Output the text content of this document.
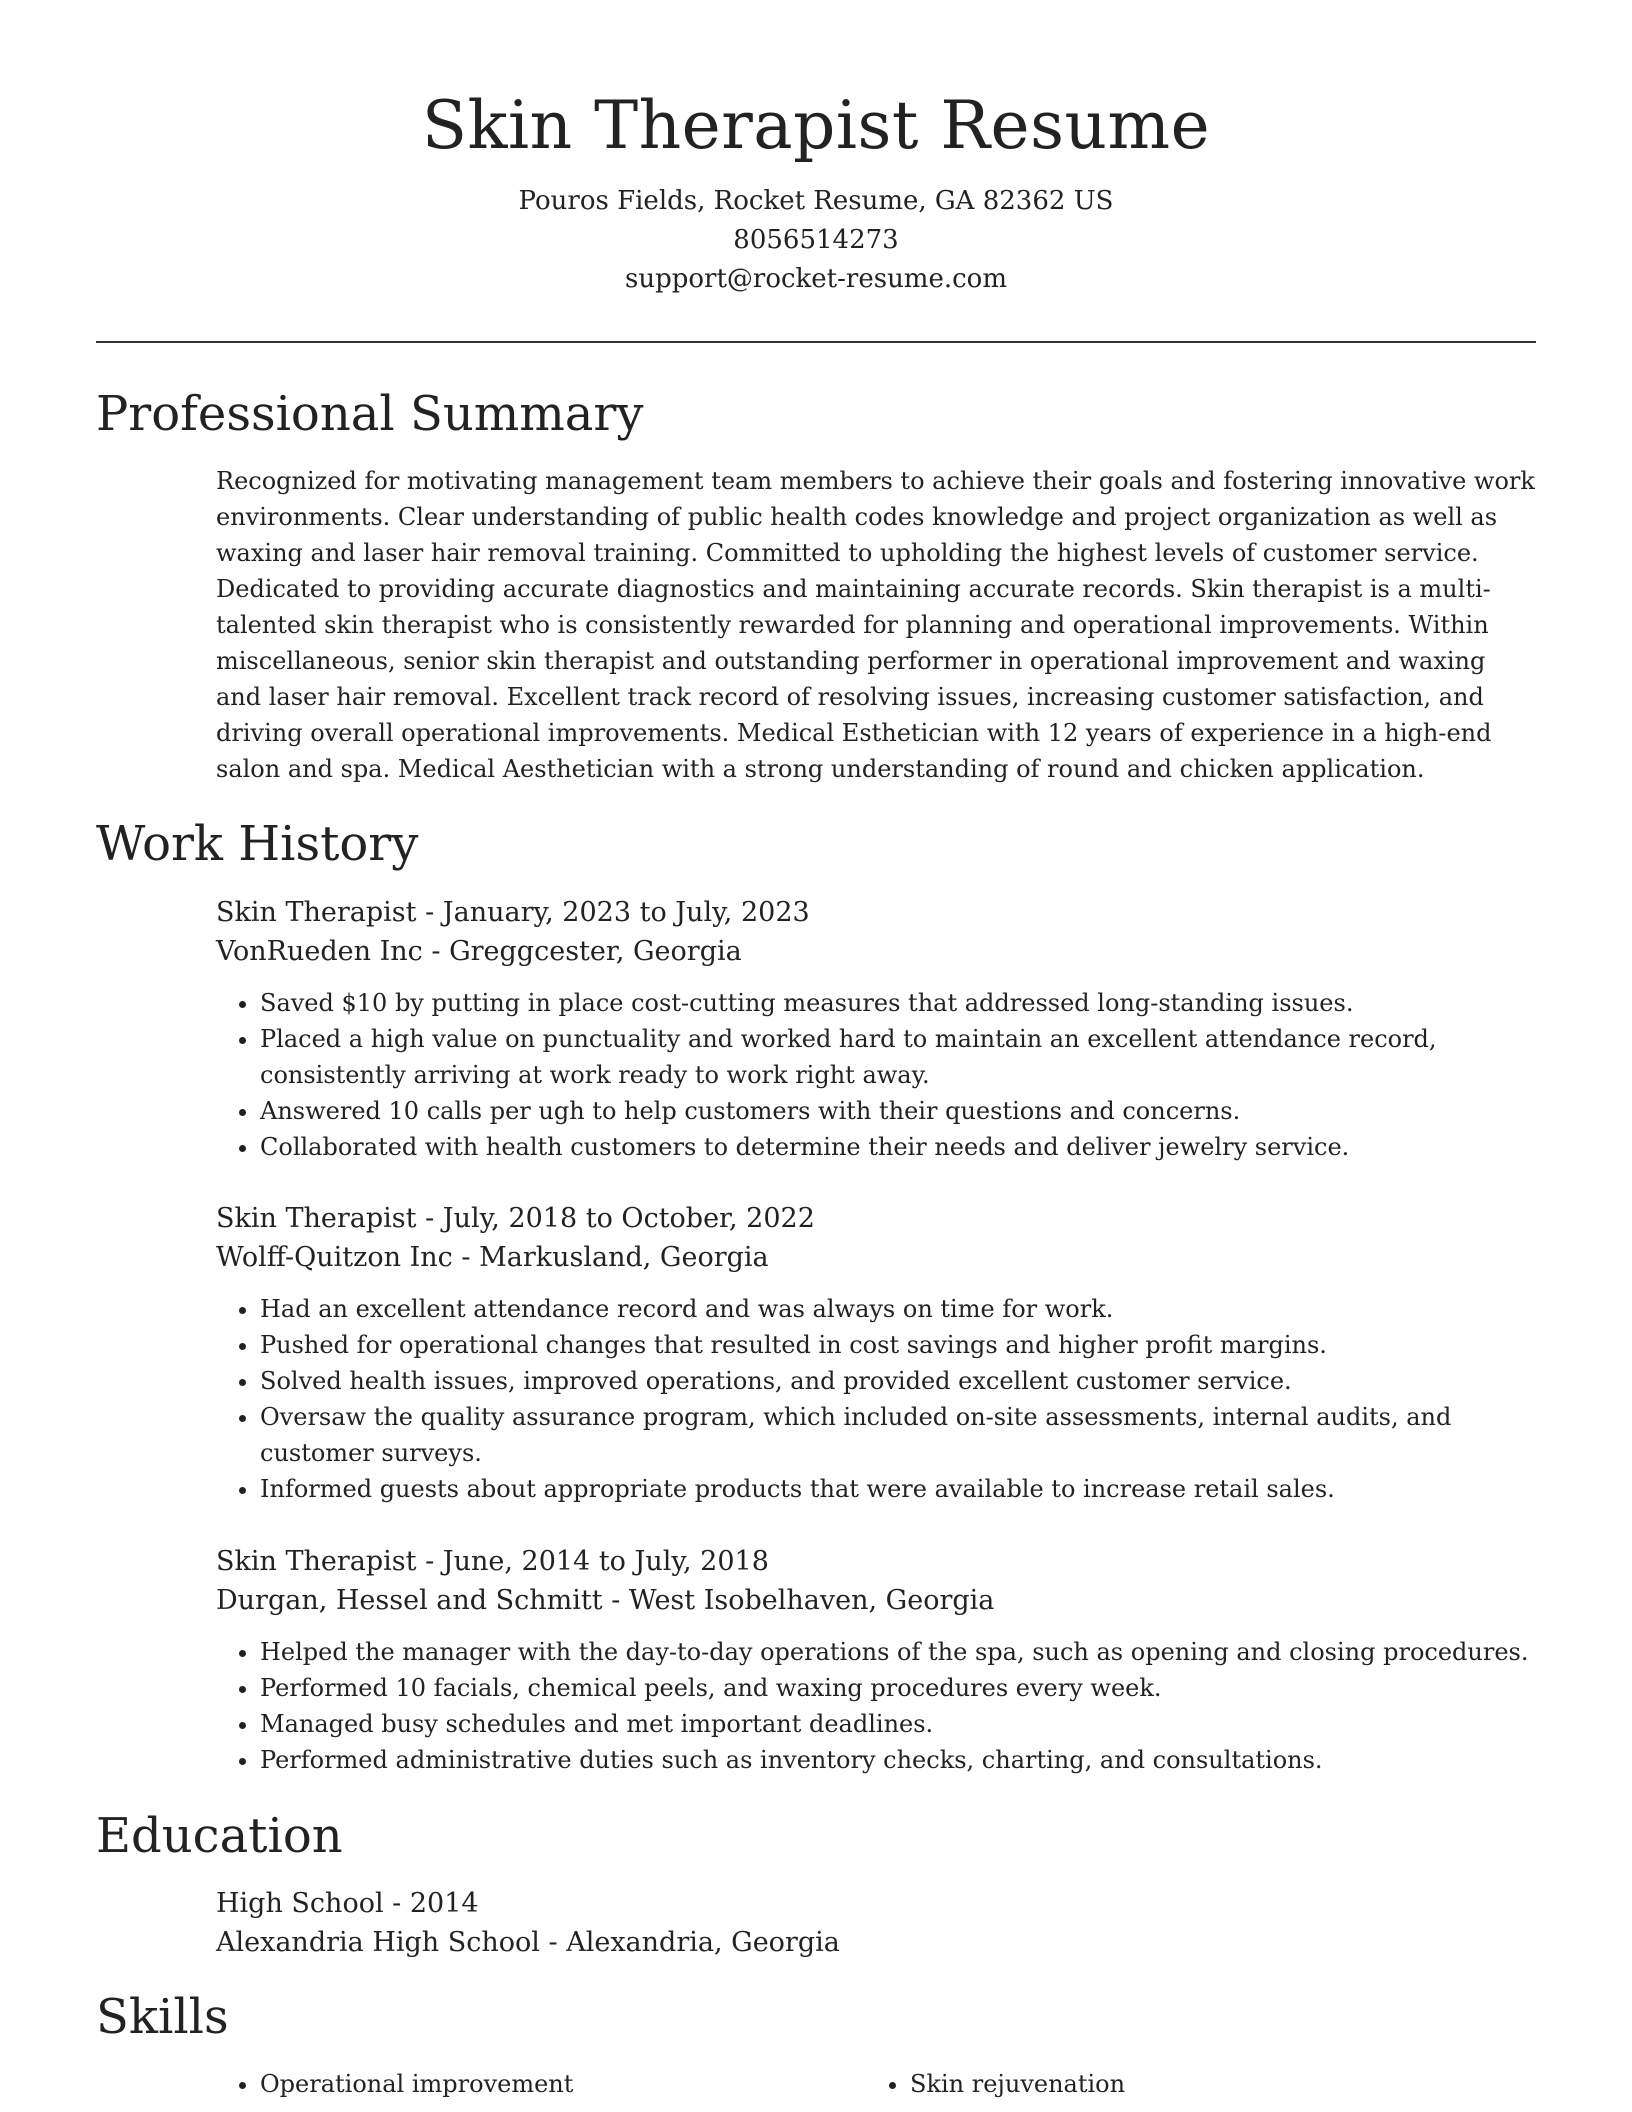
Skin Therapist Resume
Pouros Fields, Rocket Resume, GA 82362 US
8056514273
support@rocket-resume.com
Professional Summary

Recognized for motivating management team members to achieve their goals and fostering innovative work environments. Clear understanding of public health codes knowledge and project organization as well as waxing and laser hair removal training. Committed to upholding the highest levels of customer service. Dedicated to providing accurate diagnostics and maintaining accurate records. Skin therapist is a multi-talented skin therapist who is consistently rewarded for planning and operational improvements. Within miscellaneous, senior skin therapist and outstanding performer in operational improvement and waxing and laser hair removal. Excellent track record of resolving issues, increasing customer satisfaction, and driving overall operational improvements. Medical Esthetician with 12 years of experience in a high-end salon and spa. Medical Aesthetician with a strong understanding of round and chicken application.

Work History
Skin Therapist - January, 2023 to July, 2023
VonRueden Inc - Greggcester, Georgia
• Saved $10 by putting in place cost-cutting measures that addressed long-standing issues.
• Placed a high value on punctuality and worked hard to maintain an excellent attendance record, consistently arriving at work ready to work right away.
• Answered 10 calls per ugh to help customers with their questions and concerns.
• Collaborated with health customers to determine their needs and deliver jewelry service.
Skin Therapist - July, 2018 to October, 2022
Wolff-Quitzon Inc - Markusland, Georgia
• Had an excellent attendance record and was always on time for work.
• Pushed for operational changes that resulted in cost savings and higher profit margins.
• Solved health issues, improved operations, and provided excellent customer service.
• Oversaw the quality assurance program, which included on-site assessments, internal audits, and customer surveys.
• Informed guests about appropriate products that were available to increase retail sales.
Skin Therapist - June, 2014 to July, 2018
Durgan, Hessel and Schmitt - West Isobelhaven, Georgia
• Helped the manager with the day-to-day operations of the spa, such as opening and closing procedures.
• Performed 10 facials, chemical peels, and waxing procedures every week.
• Managed busy schedules and met important deadlines.
• Performed administrative duties such as inventory checks, charting, and consultations.
Education
High School - 2014
Alexandria High School - Alexandria, Georgia
Skills
• Operational improvement
•	Skin rejuvenation
